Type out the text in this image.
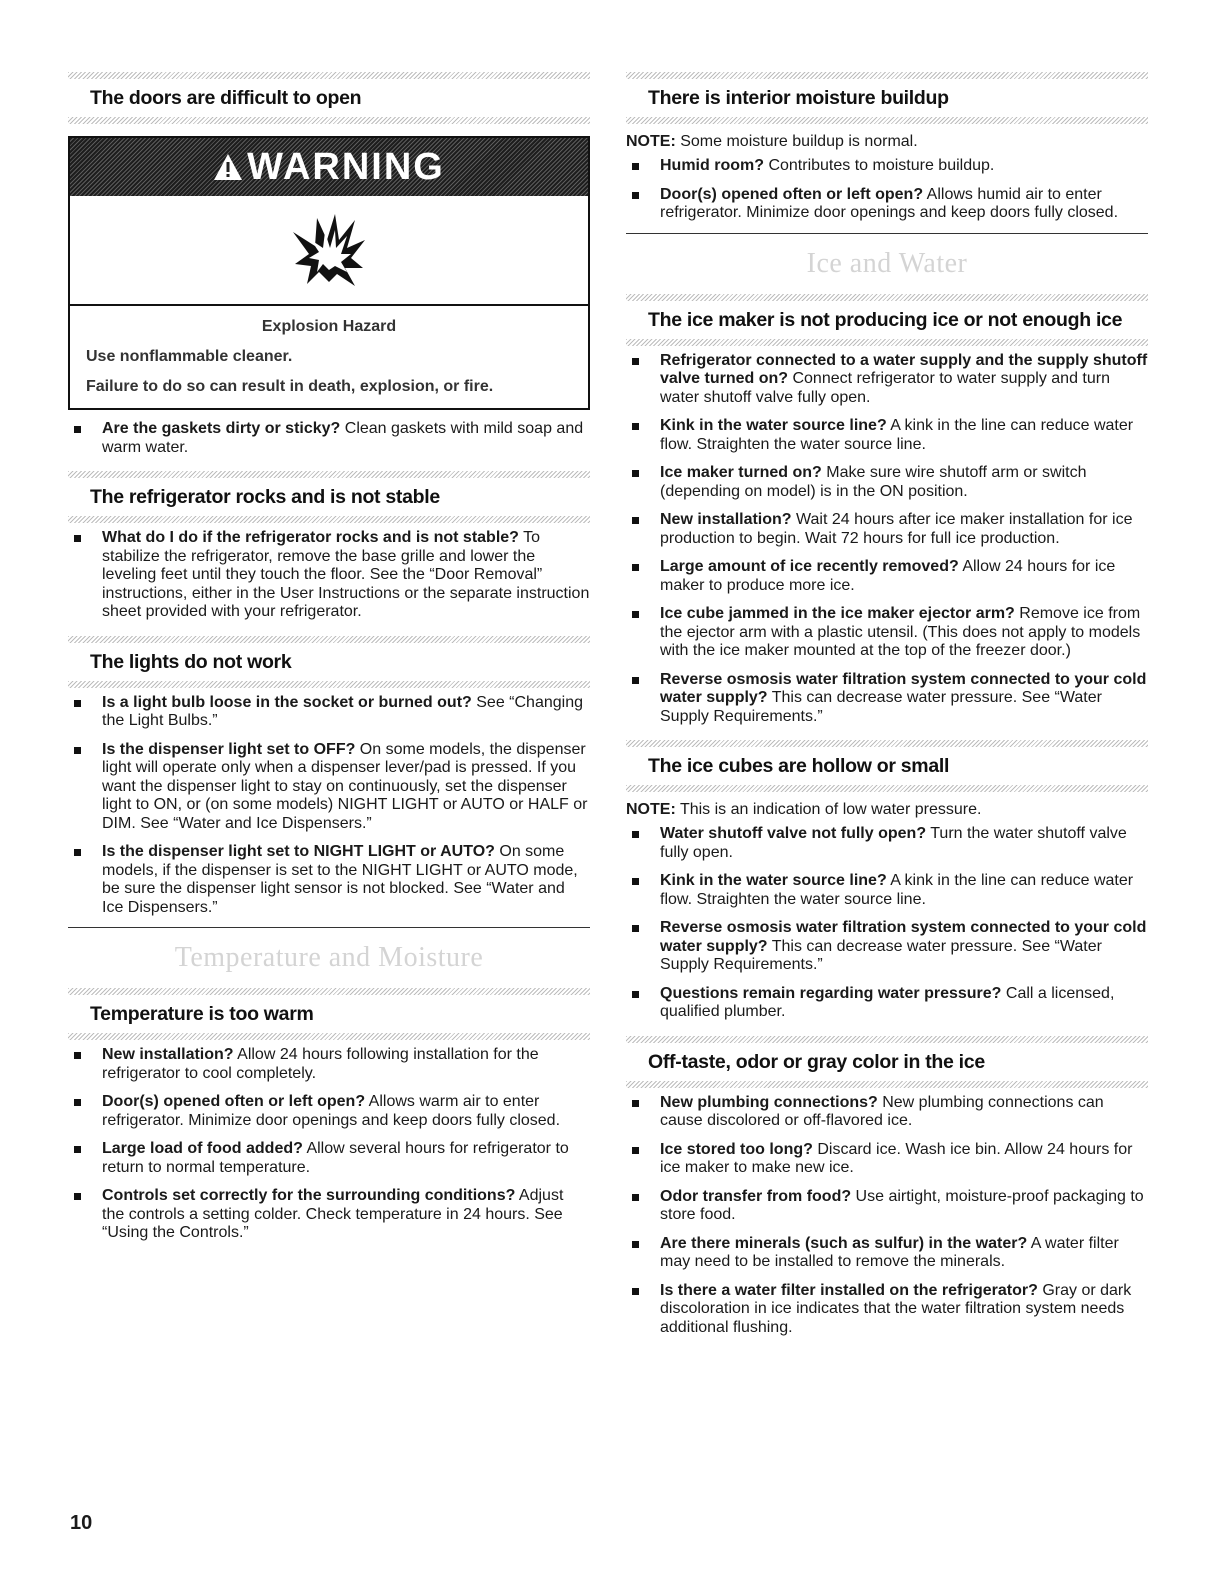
The doors are difficult to open
WARNING
Explosion Hazard
Use nonflammable cleaner.
Failure to do so can result in death, explosion, or fire.
Are the gaskets dirty or sticky? Clean gaskets with mild soap and warm water.
The refrigerator rocks and is not stable
What do I do if the refrigerator rocks and is not stable? To stabilize the refrigerator, remove the base grille and lower the leveling feet until they touch the floor. See the “Door Removal” instructions, either in the User Instructions or the separate instruction sheet provided with your refrigerator.
The lights do not work
Is a light bulb loose in the socket or burned out? See “Changing the Light Bulbs.”
Is the dispenser light set to OFF? On some models, the dispenser light will operate only when a dispenser lever/pad is pressed. If you want the dispenser light to stay on continuously, set the dispenser light to ON, or (on some models) NIGHT LIGHT or AUTO or HALF or DIM. See “Water and Ice Dispensers.”
Is the dispenser light set to NIGHT LIGHT or AUTO? On some models, if the dispenser is set to the NIGHT LIGHT or AUTO mode, be sure the dispenser light sensor is not blocked. See “Water and Ice Dispensers.”
Temperature and Moisture
Temperature is too warm
New installation? Allow 24 hours following installation for the refrigerator to cool completely.
Door(s) opened often or left open? Allows warm air to enter refrigerator. Minimize door openings and keep doors fully closed.
Large load of food added? Allow several hours for refrigerator to return to normal temperature.
Controls set correctly for the surrounding conditions? Adjust the controls a setting colder. Check temperature in 24 hours. See “Using the Controls.”
There is interior moisture buildup
NOTE: Some moisture buildup is normal.
Humid room? Contributes to moisture buildup.
Door(s) opened often or left open? Allows humid air to enter refrigerator. Minimize door openings and keep doors fully closed.
Ice and Water
The ice maker is not producing ice or not enough ice
Refrigerator connected to a water supply and the supply shutoff valve turned on? Connect refrigerator to water supply and turn water shutoff valve fully open.
Kink in the water source line? A kink in the line can reduce water flow. Straighten the water source line.
Ice maker turned on? Make sure wire shutoff arm or switch (depending on model) is in the ON position.
New installation? Wait 24 hours after ice maker installation for ice production to begin. Wait 72 hours for full ice production.
Large amount of ice recently removed? Allow 24 hours for ice maker to produce more ice.
Ice cube jammed in the ice maker ejector arm? Remove ice from the ejector arm with a plastic utensil. (This does not apply to models with the ice maker mounted at the top of the freezer door.)
Reverse osmosis water filtration system connected to your cold water supply? This can decrease water pressure. See “Water Supply Requirements.”
The ice cubes are hollow or small
NOTE: This is an indication of low water pressure.
Water shutoff valve not fully open? Turn the water shutoff valve fully open.
Kink in the water source line? A kink in the line can reduce water flow. Straighten the water source line.
Reverse osmosis water filtration system connected to your cold water supply? This can decrease water pressure. See “Water Supply Requirements.”
Questions remain regarding water pressure? Call a licensed, qualified plumber.
Off-taste, odor or gray color in the ice
New plumbing connections? New plumbing connections can cause discolored or off-flavored ice.
Ice stored too long? Discard ice. Wash ice bin. Allow 24 hours for ice maker to make new ice.
Odor transfer from food? Use airtight, moisture-proof packaging to store food.
Are there minerals (such as sulfur) in the water? A water filter may need to be installed to remove the minerals.
Is there a water filter installed on the refrigerator? Gray or dark discoloration in ice indicates that the water filtration system needs additional flushing.
10
